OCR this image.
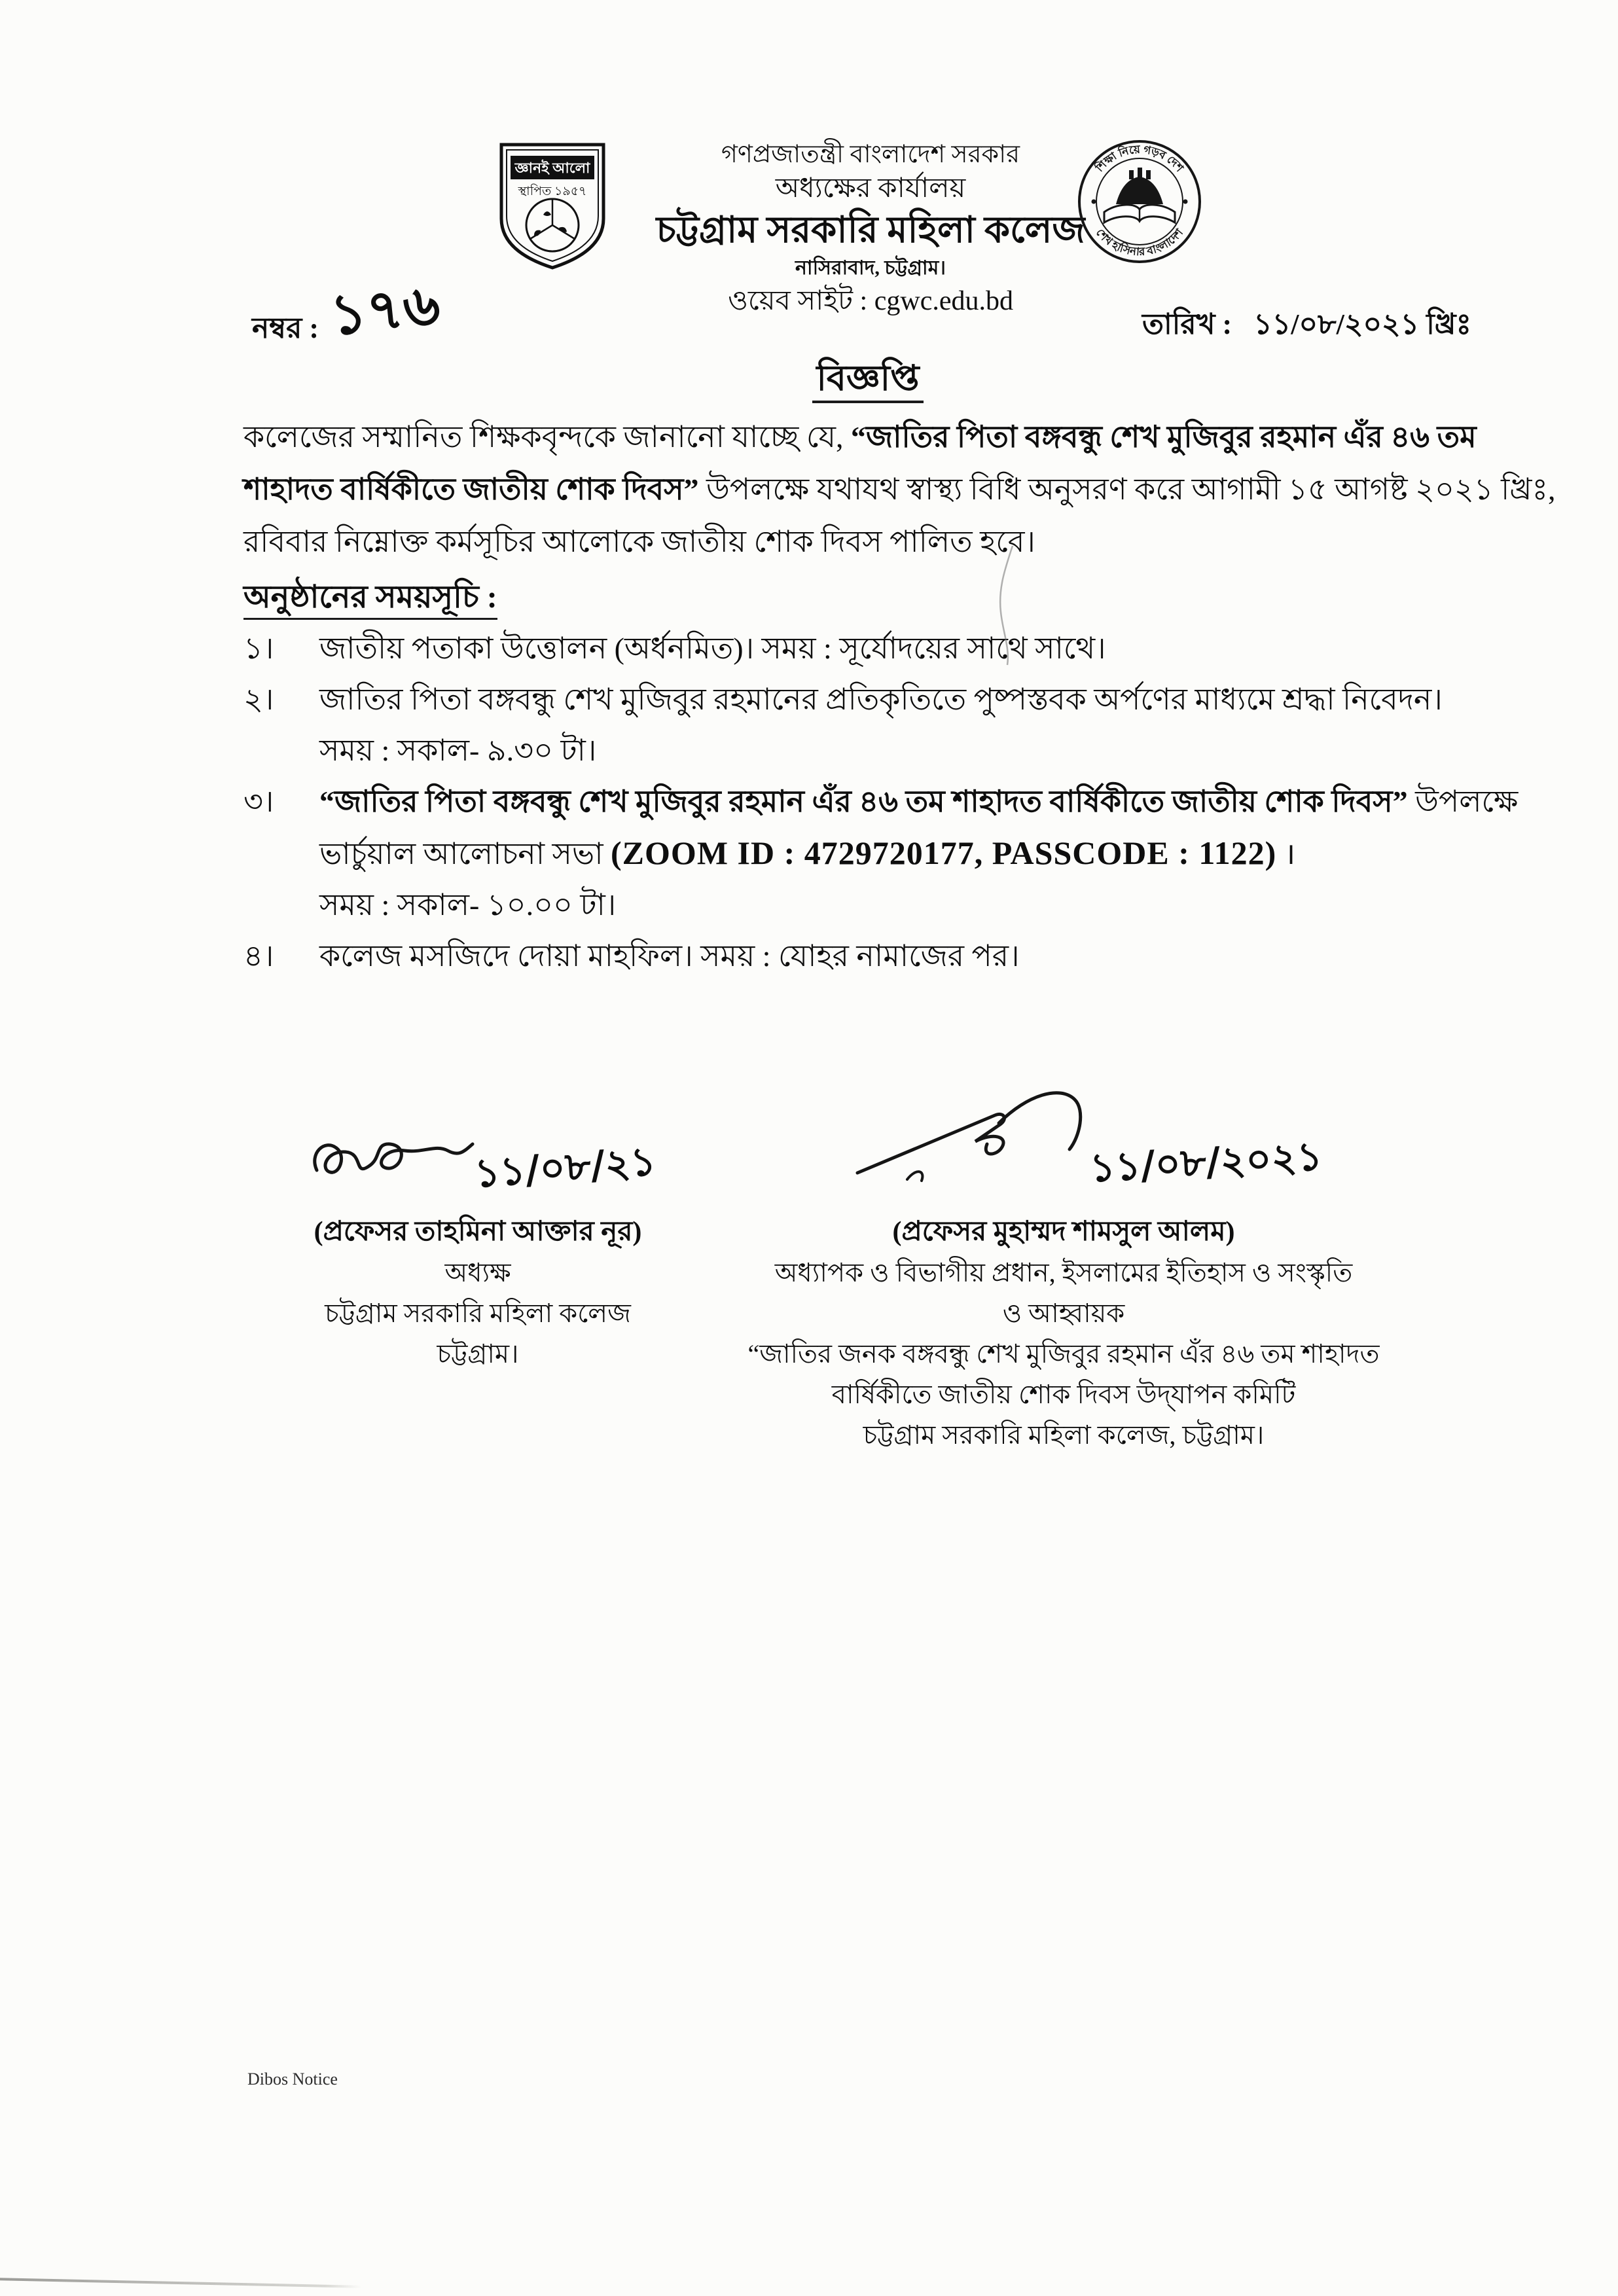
জ্ঞানই আলো
স্থাপিত ১৯৫৭
গণপ্রজাতন্ত্রী বাংলাদেশ সরকার
অধ্যক্ষের কার্যালয়
চট্টগ্রাম সরকারি মহিলা কলেজ
নাসিরাবাদ, চট্টগ্রাম।
ওয়েব সাইট : cgwc.edu.bd
শিক্ষা নিয়ে গড়ব দেশ
শেখ হাসিনার বাংলাদেশ
নম্বর : ১৭৬	তারিখ : ১১/০৮/২০২১ খ্রিঃ
বিজ্ঞপ্তি
কলেজের সম্মানিত শিক্ষকবৃন্দকে জানানো যাচ্ছে যে, “জাতির পিতা বঙ্গবন্ধু শেখ মুজিবুর রহমান এঁর ৪৬ তম
শাহাদত বার্ষিকীতে জাতীয় শোক দিবস” উপলক্ষে যথাযথ স্বাস্থ্য বিধি অনুসরণ করে আগামী ১৫ আগষ্ট ২০২১ খ্রিঃ,
রবিবার নিম্নোক্ত কর্মসূচির আলোকে জাতীয় শোক দিবস পালিত হবে।
অনুষ্ঠানের সময়সূচি :
১।	জাতীয় পতাকা উত্তোলন (অর্ধনমিত)। সময় : সূর্যোদয়ের সাথে সাথে।
২।	জাতির পিতা বঙ্গবন্ধু শেখ মুজিবুর রহমানের প্রতিকৃতিতে পুষ্পস্তবক অর্পণের মাধ্যমে শ্রদ্ধা নিবেদন।
সময় : সকাল- ৯.৩০ টা।
৩।	“জাতির পিতা বঙ্গবন্ধু শেখ মুজিবুর রহমান এঁর ৪৬ তম শাহাদত বার্ষিকীতে জাতীয় শোক দিবস” উপলক্ষে
ভার্চুয়াল আলোচনা সভা (ZOOM ID : 4729720177, PASSCODE : 1122) ।
সময় : সকাল- ১০.০০ টা।
৪।	কলেজ মসজিদে দোয়া মাহফিল। সময় : যোহর নামাজের পর।
১১/০৮/২১
(প্রফেসর তাহমিনা আক্তার নূর)
অধ্যক্ষ
চট্টগ্রাম সরকারি মহিলা কলেজ
চট্টগ্রাম।
১১/০৮/২০২১
(প্রফেসর মুহাম্মদ শামসুল আলম)
অধ্যাপক ও বিভাগীয় প্রধান, ইসলামের ইতিহাস ও সংস্কৃতি
ও আহ্বায়ক
“জাতির জনক বঙ্গবন্ধু শেখ মুজিবুর রহমান এঁর ৪৬ তম শাহাদত
বার্ষিকীতে জাতীয় শোক দিবস উদ্‌যাপন কমিটি
চট্টগ্রাম সরকারি মহিলা কলেজ, চট্টগ্রাম।
Dibos Notice
